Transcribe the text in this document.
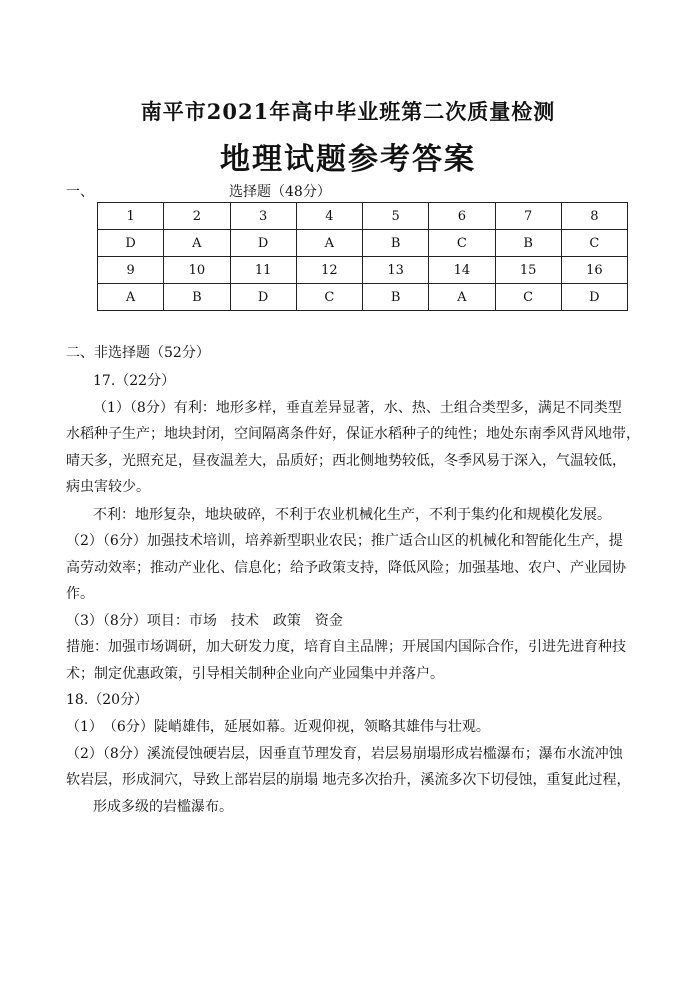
南平市2021年高中毕业班第二次质量检测
地理试题参考答案
一、	选择题（48分）
1	2	3	4	5	6	7	8
D	A	D	A	B	C	B	C
9	10	11	12	13	14	15	16
A	B	D	C	B	A	C	D
二、非选择题（52分）
17.（22分）
（1）（8分）有利：地形多样，垂直差异显著，水、热、土组合类型多，满足不同类型
水稻种子生产；地块封闭，空间隔离条件好，保证水稻种子的纯性；地处东南季风背风地带，
晴天多，光照充足，昼夜温差大，品质好；西北侧地势较低，冬季风易于深入，气温较低，
病虫害较少。
不利：地形复杂，地块破碎，不利于农业机械化生产，不利于集约化和规模化发展。
（2）（6分）加强技术培训，培养新型职业农民；推广适合山区的机械化和智能化生产，提
高劳动效率；推动产业化、信息化；给予政策支持，降低风险；加强基地、农户、产业园协
作。
（3）（8分）项目：市场　技术　政策　资金
措施：加强市场调研，加大研发力度，培育自主品牌；开展国内国际合作，引进先进育种技
术；制定优惠政策，引导相关制种企业向产业园集中并落户。
18.（20分）
（1）　（6分）陡峭雄伟，延展如幕。近观仰视，领略其雄伟与壮观。
（2）（8分）溪流侵蚀硬岩层，因垂直节理发育，岩层易崩塌形成岩槛瀑布；瀑布水流冲蚀
软岩层，形成洞穴，导致上部岩层的崩塌 地壳多次抬升，溪流多次下切侵蚀，重复此过程，
形成多级的岩槛瀑布。
